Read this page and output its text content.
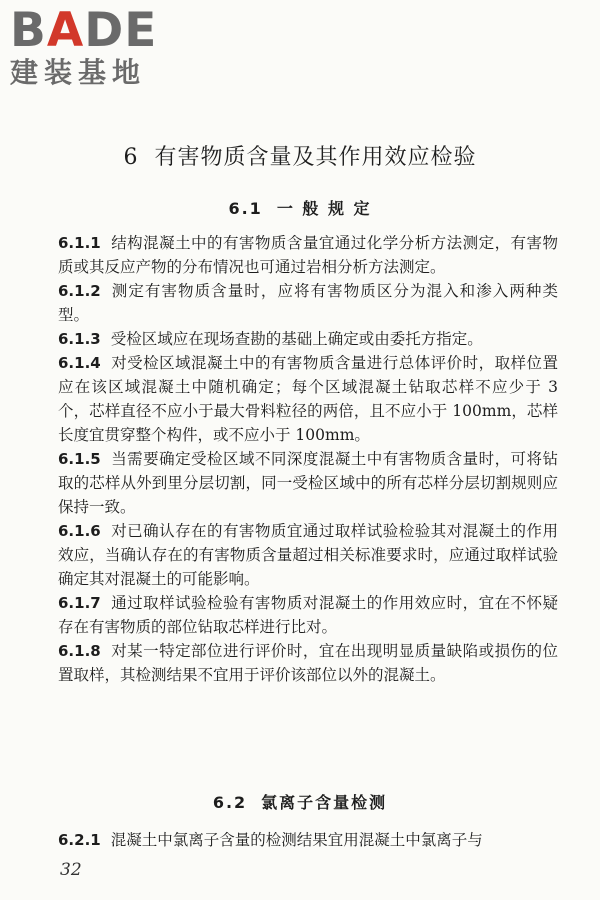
BADE
建装基地
6 有害物质含量及其作用效应检验
6.1 一 般 规 定

6.1.1 结构混凝土中的有害物质含量宜通过化学分析方法测定，有害物质或其反应产物的分布情况也可通过岩相分析方法测定。

6.1.2 测定有害物质含量时，应将有害物质区分为混入和渗入两种类型。

6.1.3 受检区域应在现场查勘的基础上确定或由委托方指定。

6.1.4 对受检区域混凝土中的有害物质含量进行总体评价时，取样位置应在该区域混凝土中随机确定；每个区域混凝土钻取芯样不应少于 3 个，芯样直径不应小于最大骨料粒径的两倍，且不应小于 100mm，芯样长度宜贯穿整个构件，或不应小于 100mm。

6.1.5 当需要确定受检区域不同深度混凝土中有害物质含量时，可将钻取的芯样从外到里分层切割，同一受检区域中的所有芯样分层切割规则应保持一致。

6.1.6 对已确认存在的有害物质宜通过取样试验检验其对混凝土的作用效应，当确认存在的有害物质含量超过相关标准要求时，应通过取样试验确定其对混凝土的可能影响。

6.1.7 通过取样试验检验有害物质对混凝土的作用效应时，宜在不怀疑存在有害物质的部位钻取芯样进行比对。

6.1.8 对某一特定部位进行评价时，宜在出现明显质量缺陷或损伤的位置取样，其检测结果不宜用于评价该部位以外的混凝土。

6.2 氯离子含量检测

6.2.1 混凝土中氯离子含量的检测结果宜用混凝土中氯离子与

32
